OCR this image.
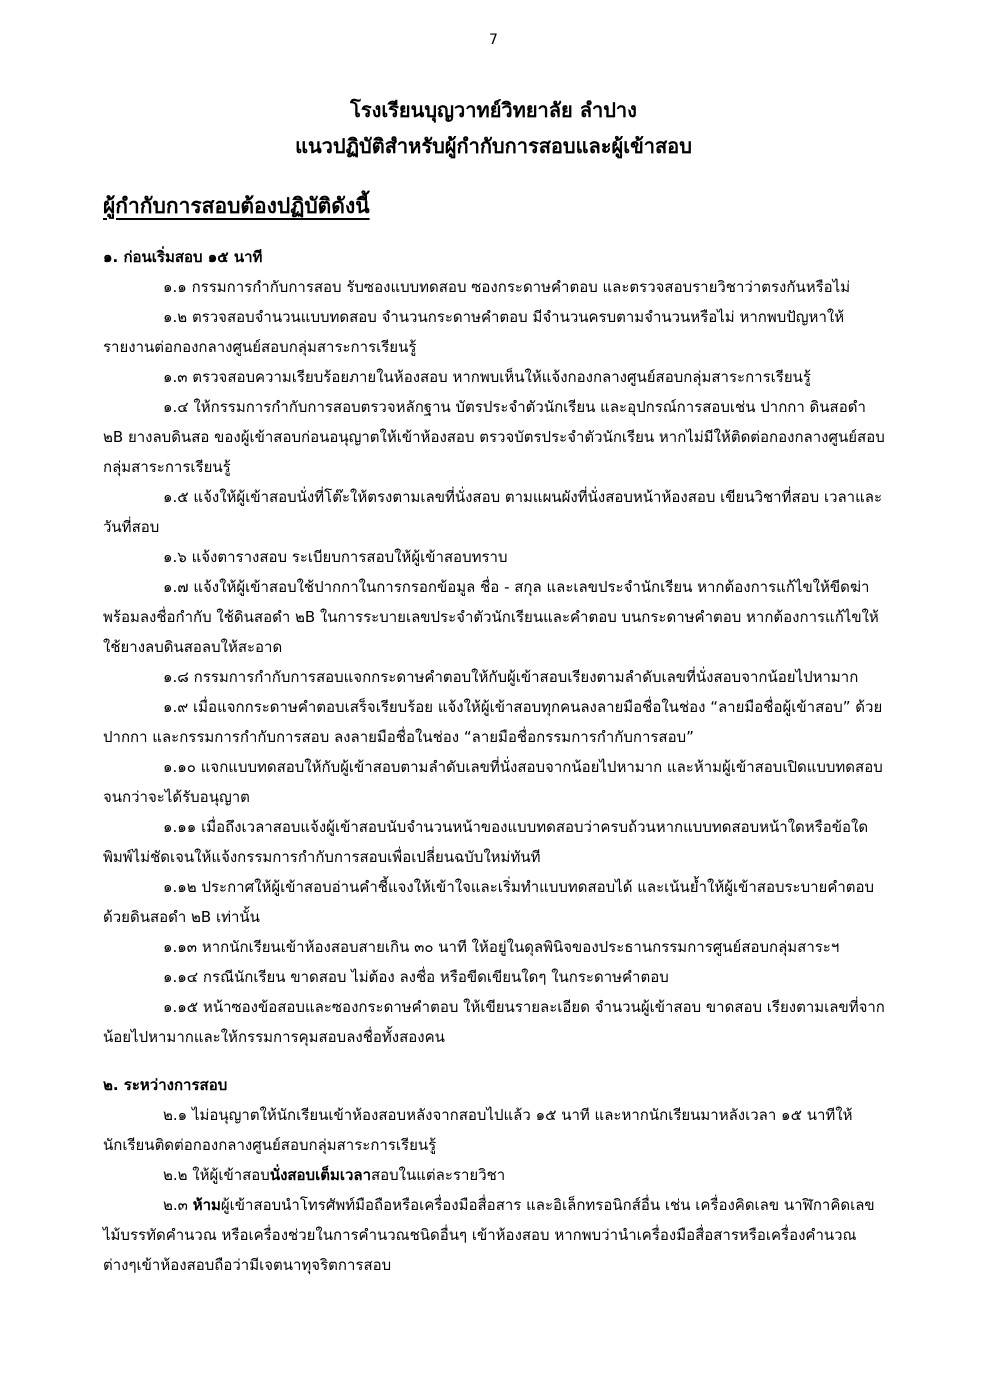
7
โรงเรียนบุญวาทย์วิทยาลัย ลำปาง
แนวปฏิบัติสำหรับผู้กำกับการสอบและผู้เข้าสอบ
ผู้กำกับการสอบต้องปฏิบัติดังนี้

๑. ก่อนเริ่มสอบ ๑๕ นาที

๑.๑ กรรมการกำกับการสอบ รับซองแบบทดสอบ ซองกระดาษคำตอบ และตรวจสอบรายวิชาว่าตรงกันหรือไม่

๑.๒ ตรวจสอบจำนวนแบบทดสอบ จำนวนกระดาษคำตอบ มีจำนวนครบตามจำนวนหรือไม่ หากพบปัญหาให้รายงานต่อกองกลางศูนย์สอบกลุ่มสาระการเรียนรู้

๑.๓ ตรวจสอบความเรียบร้อยภายในห้องสอบ หากพบเห็นให้แจ้งกองกลางศูนย์สอบกลุ่มสาระการเรียนรู้

๑.๔ ให้กรรมการกำกับการสอบตรวจหลักฐาน บัตรประจำตัวนักเรียน และอุปกรณ์การสอบเช่น ปากกา ดินสอดำ ๒B ยางลบดินสอ ของผู้เข้าสอบก่อนอนุญาตให้เข้าห้องสอบ ตรวจบัตรประจำตัวนักเรียน หากไม่มีให้ติดต่อกองกลางศูนย์สอบกลุ่มสาระการเรียนรู้

๑.๕ แจ้งให้ผู้เข้าสอบนั่งที่โต๊ะให้ตรงตามเลขที่นั่งสอบ ตามแผนผังที่นั่งสอบหน้าห้องสอบ เขียนวิชาที่สอบ เวลาและวันที่สอบ

๑.๖ แจ้งตารางสอบ ระเบียบการสอบให้ผู้เข้าสอบทราบ

๑.๗ แจ้งให้ผู้เข้าสอบใช้ปากกาในการกรอกข้อมูล ชื่อ - สกุล และเลขประจำนักเรียน หากต้องการแก้ไขให้ขีดฆ่าพร้อมลงชื่อกำกับ ใช้ดินสอดำ ๒B ในการระบายเลขประจำตัวนักเรียนและคำตอบ บนกระดาษคำตอบ หากต้องการแก้ไขให้ใช้ยางลบดินสอลบให้สะอาด

๑.๘ กรรมการกำกับการสอบแจกกระดาษคำตอบให้กับผู้เข้าสอบเรียงตามลำดับเลขที่นั่งสอบจากน้อยไปหามาก

๑.๙ เมื่อแจกกระดาษคำตอบเสร็จเรียบร้อย แจ้งให้ผู้เข้าสอบทุกคนลงลายมือชื่อในช่อง “ลายมือชื่อผู้เข้าสอบ” ด้วยปากกา และกรรมการกำกับการสอบ ลงลายมือชื่อในช่อง “ลายมือชื่อกรรมการกำกับการสอบ”

๑.๑๐ แจกแบบทดสอบให้กับผู้เข้าสอบตามลำดับเลขที่นั่งสอบจากน้อยไปหามาก และห้ามผู้เข้าสอบเปิดแบบทดสอบจนกว่าจะได้รับอนุญาต

๑.๑๑ เมื่อถึงเวลาสอบแจ้งผู้เข้าสอบนับจำนวนหน้าของแบบทดสอบว่าครบถ้วนหากแบบทดสอบหน้าใดหรือข้อใดพิมพ์ไม่ชัดเจนให้แจ้งกรรมการกำกับการสอบเพื่อเปลี่ยนฉบับใหม่ทันที

๑.๑๒ ประกาศให้ผู้เข้าสอบอ่านคำชี้แจงให้เข้าใจและเริ่มทำแบบทดสอบได้ และเน้นย้ำให้ผู้เข้าสอบระบายคำตอบด้วยดินสอดำ ๒B เท่านั้น

๑.๑๓ หากนักเรียนเข้าห้องสอบสายเกิน ๓๐ นาที ให้อยู่ในดุลพินิจของประธานกรรมการศูนย์สอบกลุ่มสาระฯ

๑.๑๔ กรณีนักเรียน ขาดสอบ ไม่ต้อง ลงชื่อ หรือขีดเขียนใดๆ ในกระดาษคำตอบ

๑.๑๕ หน้าซองข้อสอบและซองกระดาษคำตอบ ให้เขียนรายละเอียด จำนวนผู้เข้าสอบ ขาดสอบ เรียงตามเลขที่จากน้อยไปหามากและให้กรรมการคุมสอบลงชื่อทั้งสองคน

๒. ระหว่างการสอบ

๒.๑ ไม่อนุญาตให้นักเรียนเข้าห้องสอบหลังจากสอบไปแล้ว ๑๕ นาที และหากนักเรียนมาหลังเวลา ๑๕ นาทีให้นักเรียนติดต่อกองกลางศูนย์สอบกลุ่มสาระการเรียนรู้

๒.๒ ให้ผู้เข้าสอบนั่งสอบเต็มเวลาสอบในแต่ละรายวิชา

๒.๓ ห้ามผู้เข้าสอบนำโทรศัพท์มือถือหรือเครื่องมือสื่อสาร และอิเล็กทรอนิกส์อื่น เช่น เครื่องคิดเลข นาฬิกาคิดเลข ไม้บรรทัดคำนวณ หรือเครื่องช่วยในการคำนวณชนิดอื่นๆ เข้าห้องสอบ หากพบว่านำเครื่องมือสื่อสารหรือเครื่องคำนวณต่างๆเข้าห้องสอบถือว่ามีเจตนาทุจริตการสอบ
